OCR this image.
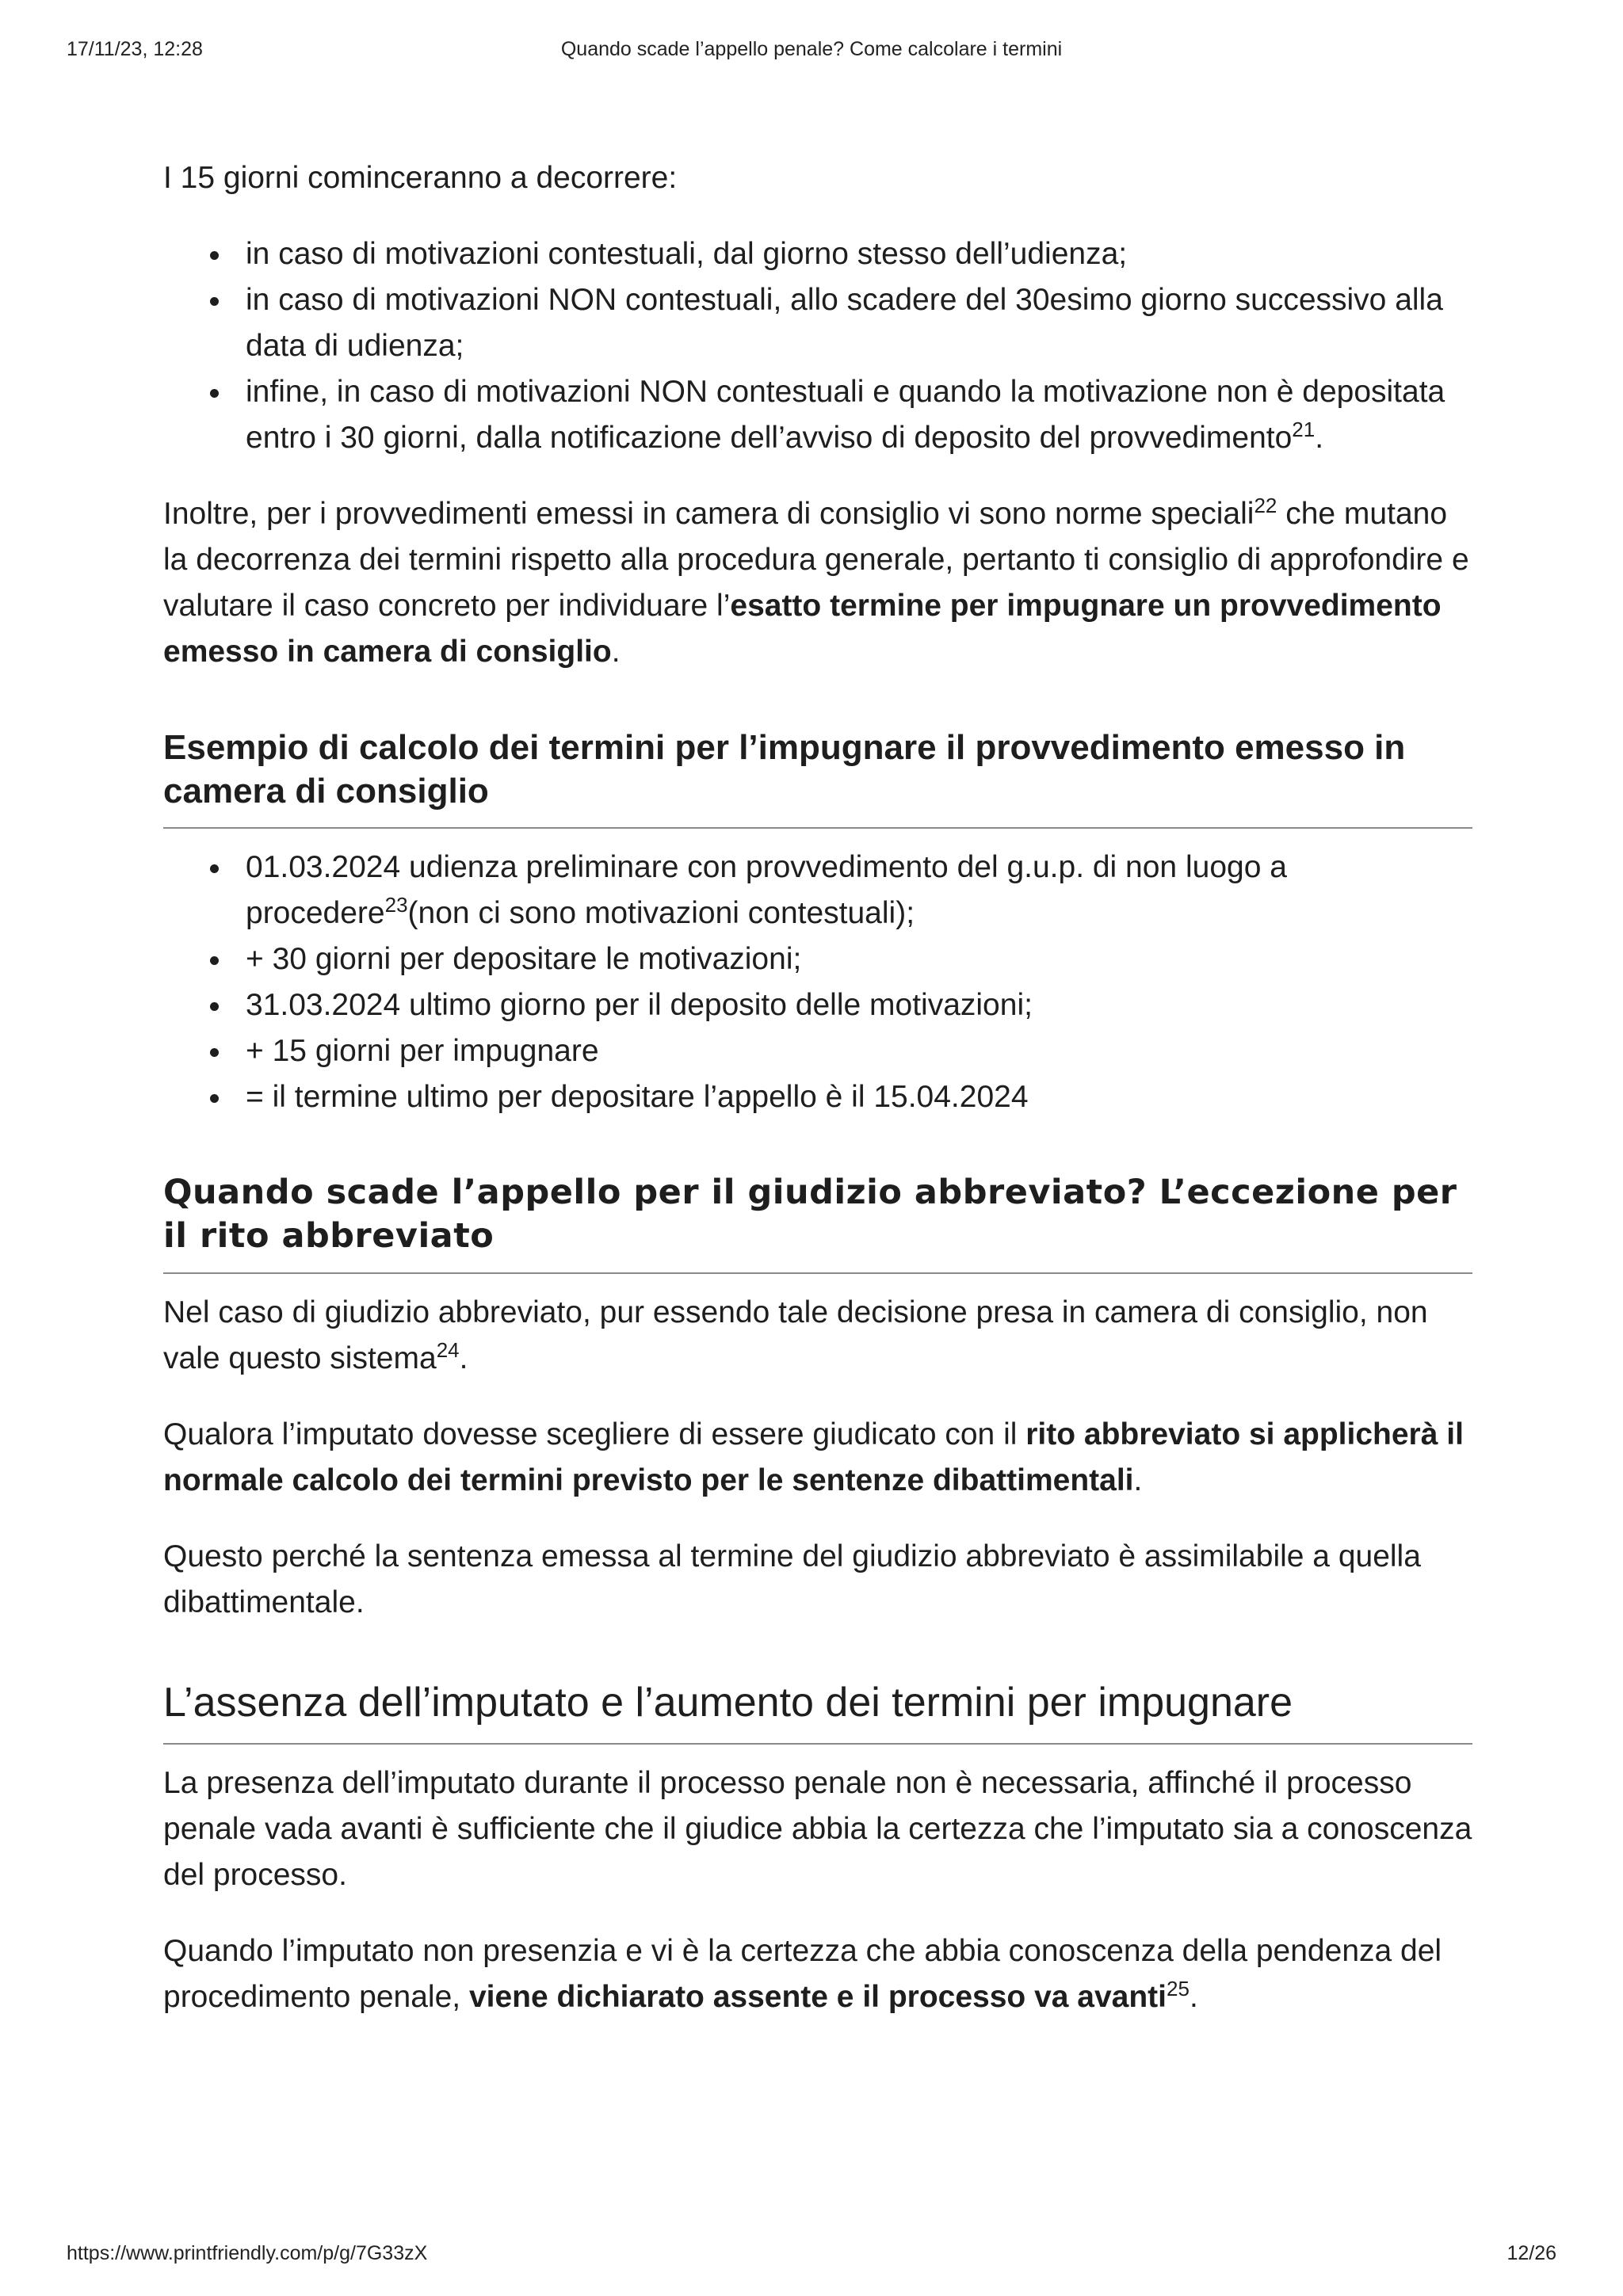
17/11/23, 12:28	Quando scade l’appello penale? Come calcolare i termini

I 15 giorni cominceranno a decorrere:

in caso di motivazioni contestuali, dal giorno stesso dell’udienza;
in caso di motivazioni NON contestuali, allo scadere del 30esimo giorno successivo alla data di udienza;
infine, in caso di motivazioni NON contestuali e quando la motivazione non è depositata entro i 30 giorni, dalla notificazione dell’avviso di deposito del provvedimento$^{21}$.

Inoltre, per i provvedimenti emessi in camera di consiglio vi sono norme speciali$^{22}$ che mutano la decorrenza dei termini rispetto alla procedura generale, pertanto ti consiglio di approfondire e valutare il caso concreto per individuare l’esatto termine per impugnare un provvedimento emesso in camera di consiglio.

Esempio di calcolo dei termini per l’impugnare il provvedimento emesso in camera di consiglio
01.03.2024 udienza preliminare con provvedimento del g.u.p. di non luogo a procedere$^{23}$(non ci sono motivazioni contestuali);
+ 30 giorni per depositare le motivazioni;
31.03.2024 ultimo giorno per il deposito delle motivazioni;
+ 15 giorni per impugnare
= il termine ultimo per depositare l’appello è il 15.04.2024
Quando scade l’appello per il giudizio abbreviato? L’eccezione per il rito abbreviato

Nel caso di giudizio abbreviato, pur essendo tale decisione presa in camera di consiglio, non vale questo sistema$^{24}$.

Qualora l’imputato dovesse scegliere di essere giudicato con il rito abbreviato si applicherà il normale calcolo dei termini previsto per le sentenze dibattimentali.

Questo perché la sentenza emessa al termine del giudizio abbreviato è assimilabile a quella dibattimentale.

L’assenza dell’imputato e l’aumento dei termini per impugnare

La presenza dell’imputato durante il processo penale non è necessaria, affinché il processo penale vada avanti è sufficiente che il giudice abbia la certezza che l’imputato sia a conoscenza del processo.

Quando l’imputato non presenzia e vi è la certezza che abbia conoscenza della pendenza del procedimento penale, viene dichiarato assente e il processo va avanti$^{25}$.

https://www.printfriendly.com/p/g/7G33zX	12/26
